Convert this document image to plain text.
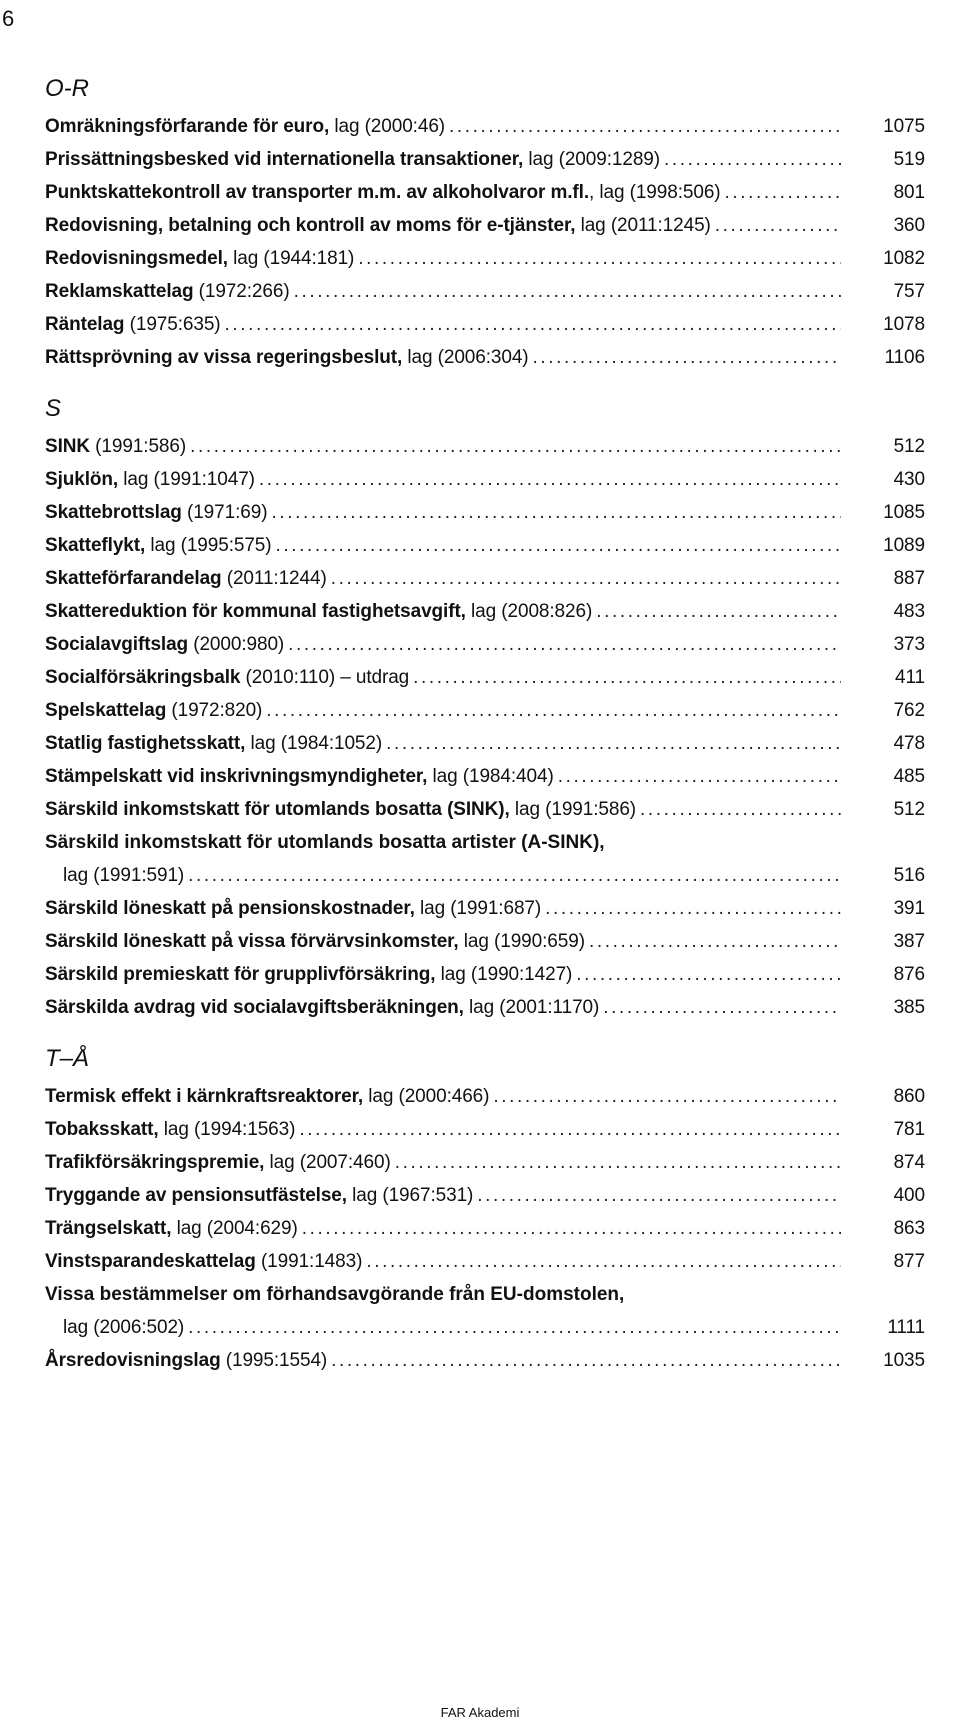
6
O-R
Omräkningsförfarande för euro, lag (2000:46) .....	1075
Prissättningsbesked vid internationella transaktioner, lag (2009:1289) .....	519
Punktskattekontroll av transporter m.m. av alkoholvaror m.fl., lag (1998:506) .....	801
Redovisning, betalning och kontroll av moms för e-tjänster, lag (2011:1245) .....	360
Redovisningsmedel, lag (1944:181) .....	1082
Reklamskattelag (1972:266) .....	757
Räntelag (1975:635) .....	1078
Rättsprövning av vissa regeringsbeslut, lag (2006:304) .....	1106
S
SINK (1991:586) .....	512
Sjuklön, lag (1991:1047) .....	430
Skattebrottslag (1971:69) .....	1085
Skatteflykt, lag (1995:575) .....	1089
Skatteförfarandelag (2011:1244) .....	887
Skattereduktion för kommunal fastighetsavgift, lag (2008:826) .....	483
Socialavgiftslag (2000:980) .....	373
Socialförsäkringsbalk (2010:110) – utdrag .....	411
Spelskattelag (1972:820) .....	762
Statlig fastighetsskatt, lag (1984:1052) .....	478
Stämpelskatt vid inskrivningsmyndigheter, lag (1984:404) .....	485
Särskild inkomstskatt för utomlands bosatta (SINK), lag (1991:586) .....	512
Särskild inkomstskatt för utomlands bosatta artister (A-SINK),
lag (1991:591) .....	516
Särskild löneskatt på pensionskostnader, lag (1991:687) .....	391
Särskild löneskatt på vissa förvärvsinkomster, lag (1990:659) .....	387
Särskild premieskatt för grupplivförsäkring, lag (1990:1427) .....	876
Särskilda avdrag vid socialavgiftsberäkningen, lag (2001:1170) .....	385
T–Å
Termisk effekt i kärnkraftsreaktorer, lag (2000:466) .....	860
Tobaksskatt, lag (1994:1563) .....	781
Trafikförsäkringspremie, lag (2007:460) .....	874
Tryggande av pensionsutfästelse, lag (1967:531) .....	400
Trängselskatt, lag (2004:629) .....	863
Vinstsparandeskattelag (1991:1483) .....	877
Vissa bestämmelser om förhandsavgörande från EU-domstolen,
lag (2006:502) .....	1111
Årsredovisningslag (1995:1554) .....	1035
FAR Akademi
